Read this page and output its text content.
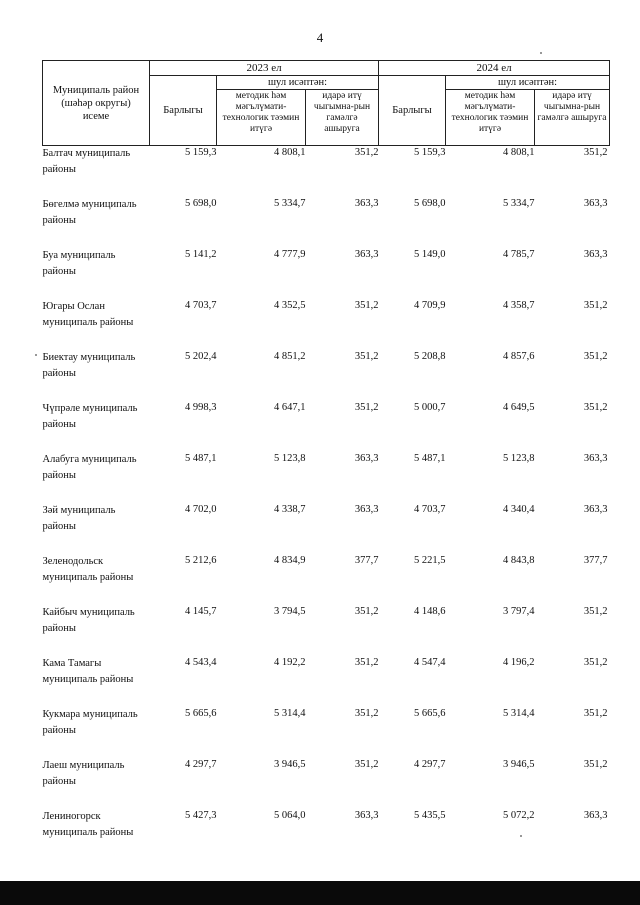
4
Муниципаль район (шәһәр округы) исеме	2023 ел			2024 ел		
	Барлыгы	шул исәптән:		Барлыгы	шул исәптән:	
		методик һәм мәгълүмати-технологик тәэмин итүгә	идарә итү чыгымна-рын гамәлгә ашыруга		методик һәм мәгълүмати-технологик тәэмин итүгә	идарә итү чыгымна-рын гамәлгә ашыруга
Балтач муниципаль районы	5 159,3	4 808,1	351,2	5 159,3	4 808,1	351,2
Бөгелмә муниципаль районы	5 698,0	5 334,7	363,3	5 698,0	5 334,7	363,3
Буа муниципаль районы	5 141,2	4 777,9	363,3	5 149,0	4 785,7	363,3
Югары Ослан муниципаль районы	4 703,7	4 352,5	351,2	4 709,9	4 358,7	351,2
Биектау муниципаль районы	5 202,4	4 851,2	351,2	5 208,8	4 857,6	351,2
Чүпрәле муниципаль районы	4 998,3	4 647,1	351,2	5 000,7	4 649,5	351,2
Алабуга муниципаль районы	5 487,1	5 123,8	363,3	5 487,1	5 123,8	363,3
Зәй муниципаль районы	4 702,0	4 338,7	363,3	4 703,7	4 340,4	363,3
Зеленодольск муниципаль районы	5 212,6	4 834,9	377,7	5 221,5	4 843,8	377,7
Кайбыч муниципаль районы	4 145,7	3 794,5	351,2	4 148,6	3 797,4	351,2
Кама Тамагы муниципаль районы	4 543,4	4 192,2	351,2	4 547,4	4 196,2	351,2
Кукмара муниципаль районы	5 665,6	5 314,4	351,2	5 665,6	5 314,4	351,2
Лаеш муниципаль районы	4 297,7	3 946,5	351,2	4 297,7	3 946,5	351,2
Лениногорск муниципаль районы	5 427,3	5 064,0	363,3	5 435,5	5 072,2	363,3
